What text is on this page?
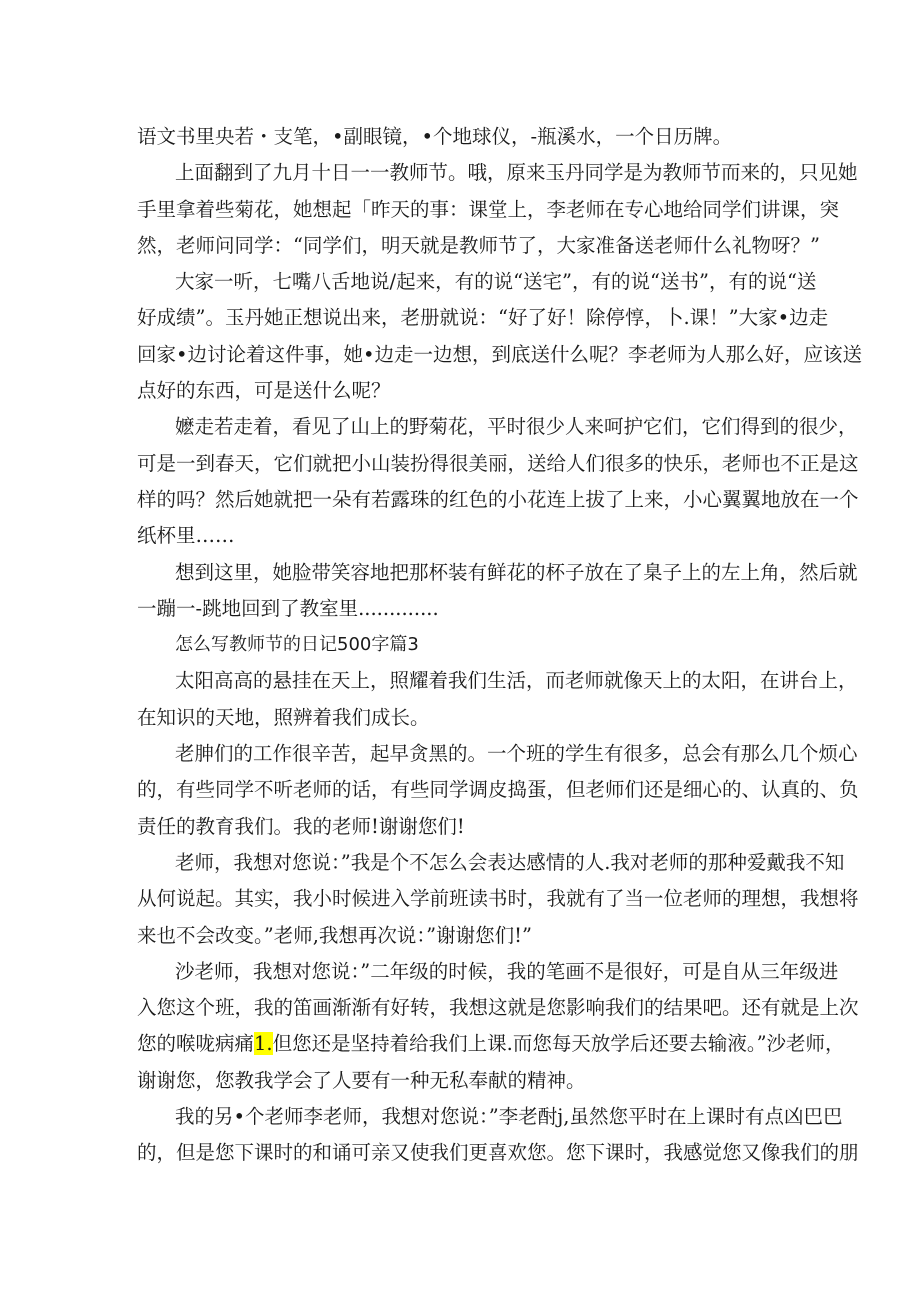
语文书里央若・支笔，•副眼镜，•个地球仪，-瓶溪水，一个日历牌。
上面翻到了九月十日一一教师节。哦，原来玉丹同学是为教师节而来的，只见她
手里拿着些菊花，她想起「昨天的事：课堂上，李老师在专心地给同学们讲课，突
然，老师问同学：“同学们，明天就是教师节了，大家准备送老师什么礼物呀？”
大家一听，七嘴八舌地说/起来，有的说“送宅”，有的说“送书”，有的说“送
好成绩”。玉丹她正想说出来，老册就说：“好了好！除停惇，卜.课！”大家•边走
回家•边讨论着这件事，她•边走一边想，到底送什么呢？李老师为人那么好，应该送
点好的东西，可是送什么呢？
嬷走若走着，看见了山上的野菊花，平时很少人来呵护它们，它们得到的很少，
可是一到春天，它们就把小山装扮得很美丽，送给人们很多的快乐，老师也不正是这
样的吗？然后她就把一朵有若露珠的红色的小花连上拔了上来，小心翼翼地放在一个
纸杯里……
想到这里，她脸带笑容地把那杯装有鲜花的杯子放在了臬子上的左上角，然后就
一蹦一-跳地回到了教室里.............
怎么写教师节的日记500字篇3
太阳高高的悬挂在天上，照耀着我们生活，而老师就像天上的太阳，在讲台上，
在知识的天地，照辨着我们成长。
老胂们的工作很辛苦，起早贪黑的。一个班的学生有很多，总会有那么几个烦心
的，有些同学不听老师的话，有些同学调皮捣蛋，但老师们还是细心的、认真的、负
责任的教育我们。我的老师!谢谢您们!
老师，我想对您说：”我是个不怎么会表达感情的人.我对老师的那种爱戴我不知
从何说起。其实，我小时候进入学前班读书时，我就有了当一位老师的理想，我想将
来也不会改变。”老师,我想再次说：”谢谢您们!”
沙老师，我想对您说：”二年级的时候，我的笔画不是很好，可是自从三年级进
入您这个班，我的笛画渐渐有好转，我想这就是您影响我们的结果吧。还有就是上次
您的喉咙病痛1.但您还是坚持着给我们上课.而您每天放学后还要去输液。”沙老师，
谢谢您，您教我学会了人要有一种无私奉献的精神。
我的另•个老师李老师，我想对您说：”李老酎j,虽然您平时在上课时有点凶巴巴
的，但是您下课时的和诵可亲又使我们更喜欢您。您下课时，我感觉您又像我们的朋
